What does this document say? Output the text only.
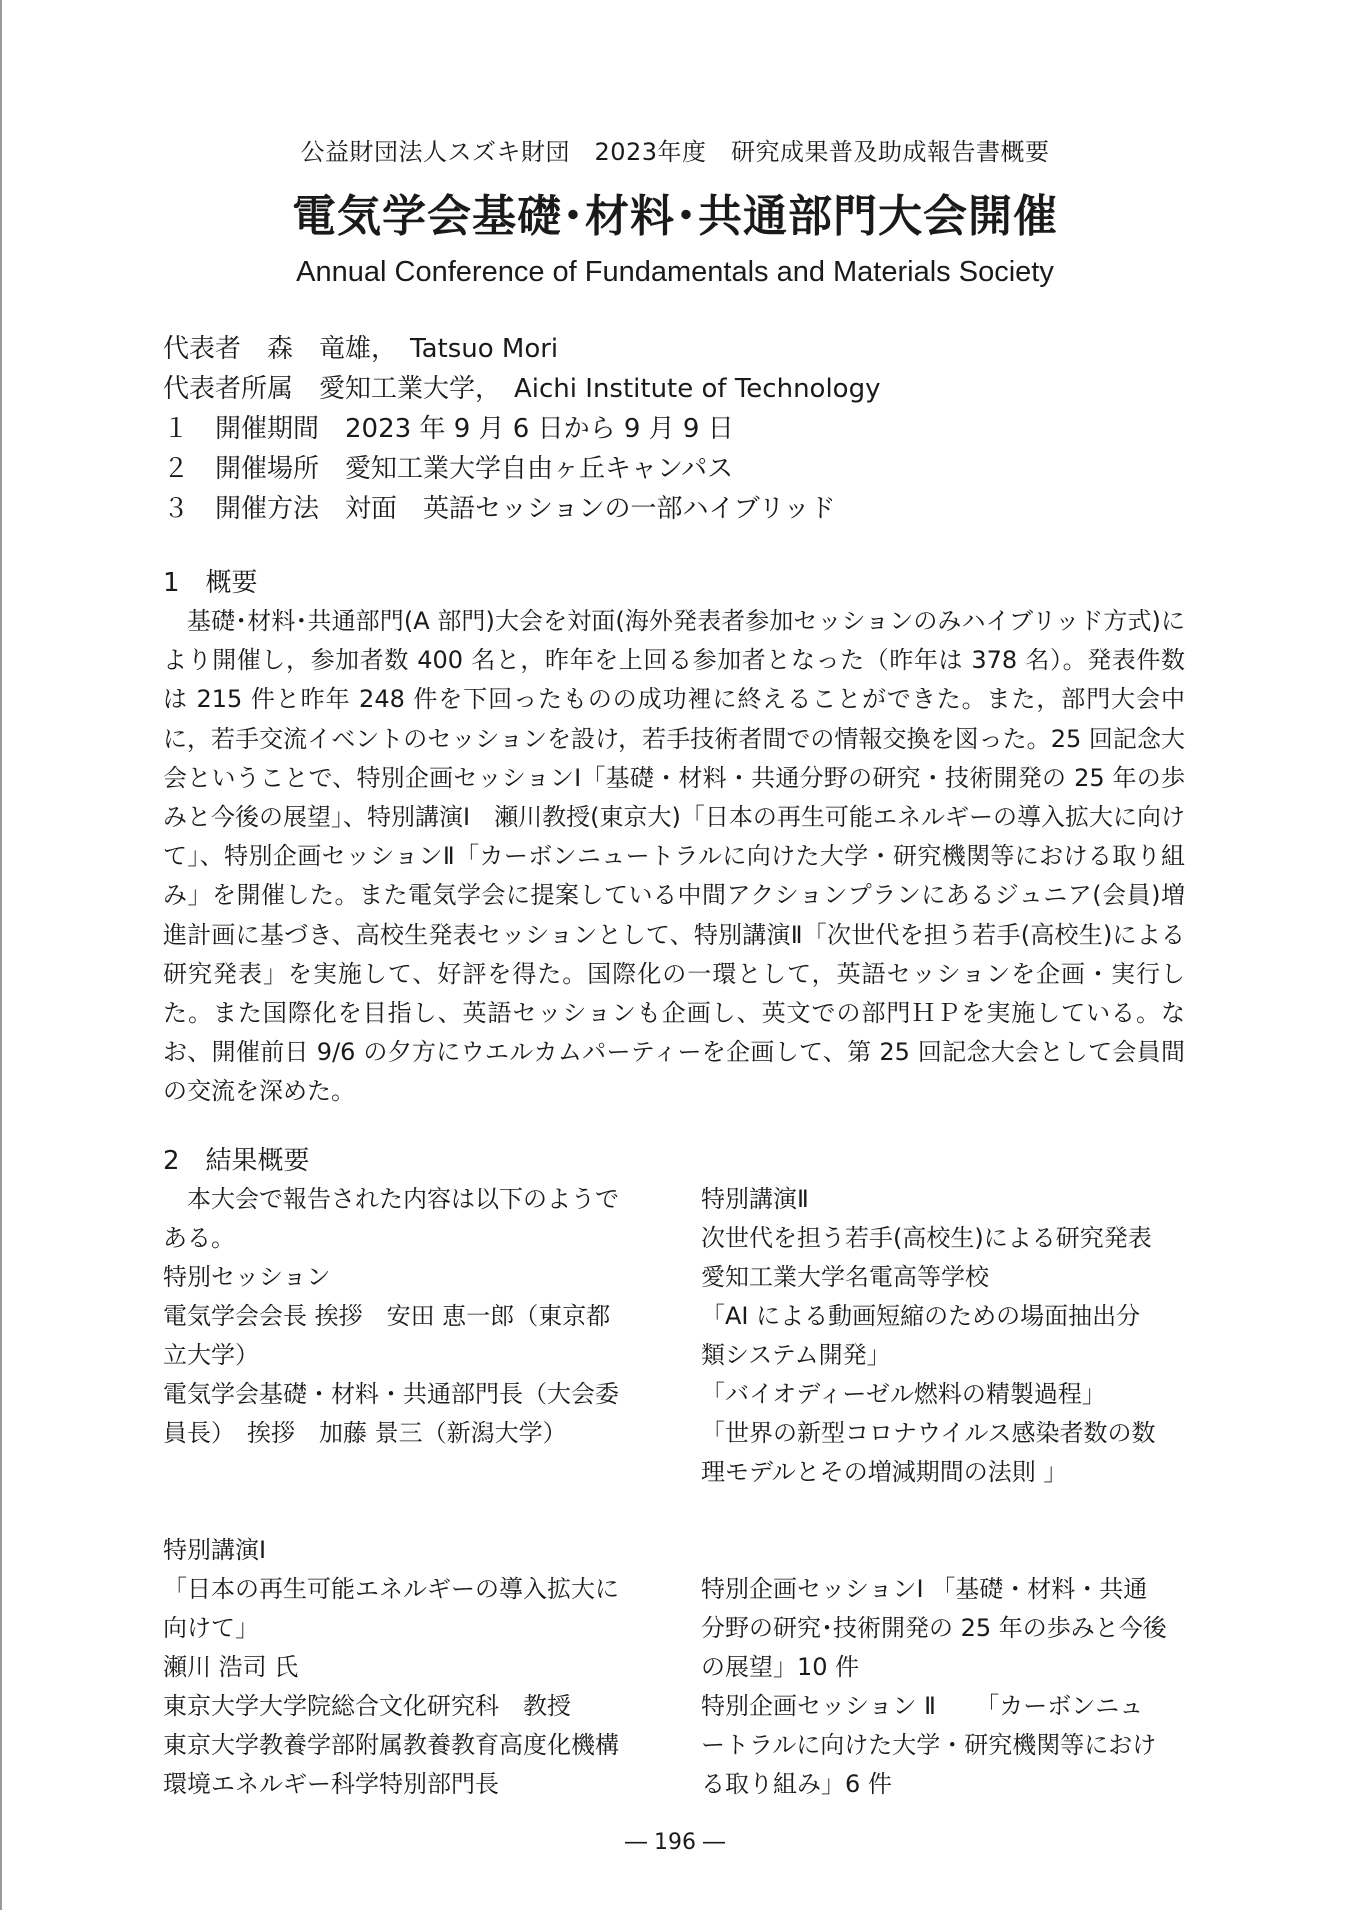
公益財団法人スズキ財団　2023年度　研究成果普及助成報告書概要
電気学会基礎･材料･共通部門大会開催
Annual Conference of Fundamentals and Materials Society
代表者　森　竜雄，　Tatsuo Mori
代表者所属　愛知工業大学，　Aichi Institute of Technology
１　開催期間　2023 年 9 月 6 日から 9 月 9 日
２　開催場所　愛知工業大学自由ヶ丘キャンパス
３　開催方法　対面　英語セッションの一部ハイブリッド
1　概要
基礎･材料･共通部門(A 部門)大会を対面(海外発表者参加セッションのみハイブリッド方式)により開催し，参加者数 400 名と，昨年を上回る参加者となった（昨年は 378 名）。発表件数は 215 件と昨年 248 件を下回ったものの成功裡に終えることができた。また，部門大会中に，若手交流イベントのセッションを設け，若手技術者間での情報交換を図った。25 回記念大会ということで、特別企画セッションⅠ「基礎・材料・共通分野の研究・技術開発の 25 年の歩みと今後の展望」、特別講演Ⅰ　瀬川教授(東京大)「日本の再生可能エネルギーの導入拡大に向けて」、特別企画セッションⅡ「カーボンニュートラルに向けた大学・研究機関等における取り組み」を開催した。また電気学会に提案している中間アクションプランにあるジュニア(会員)増進計画に基づき、高校生発表セッションとして、特別講演Ⅱ「次世代を担う若手(高校生)による研究発表」を実施して、好評を得た。国際化の一環として，英語セッションを企画・実行した。また国際化を目指し、英語セッションも企画し、英文での部門ＨＰを実施している。なお、開催前日 9/6 の夕方にウエルカムパーティーを企画して、第 25 回記念大会として会員間の交流を深めた。
2　結果概要
　本大会で報告された内容は以下のようで
ある。
特別セッション
電気学会会長 挨拶　安田 恵一郎（東京都
立大学）
電気学会基礎・材料・共通部門長（大会委
員長）　挨拶　加藤 景三（新潟大学）
特別講演Ⅰ
「日本の再生可能エネルギーの導入拡大に
向けて」
瀬川 浩司 氏
東京大学大学院総合文化研究科　教授
東京大学教養学部附属教養教育高度化機構
環境エネルギー科学特別部門長
特別講演Ⅱ
次世代を担う若手(高校生)による研究発表
愛知工業大学名電高等学校
「AI による動画短縮のための場面抽出分
類システム開発」
「バイオディーゼル燃料の精製過程」
「世界の新型コロナウイルス感染者数の数
理モデルとその増減期間の法則 」
特別企画セッションⅠ 「基礎・材料・共通
分野の研究･技術開発の 25 年の歩みと今後
の展望」10 件
特別企画セッション Ⅱ 　 「カーボンニュ
ートラルに向けた大学・研究機関等におけ
る取り組み」6 件
― 196 ―
